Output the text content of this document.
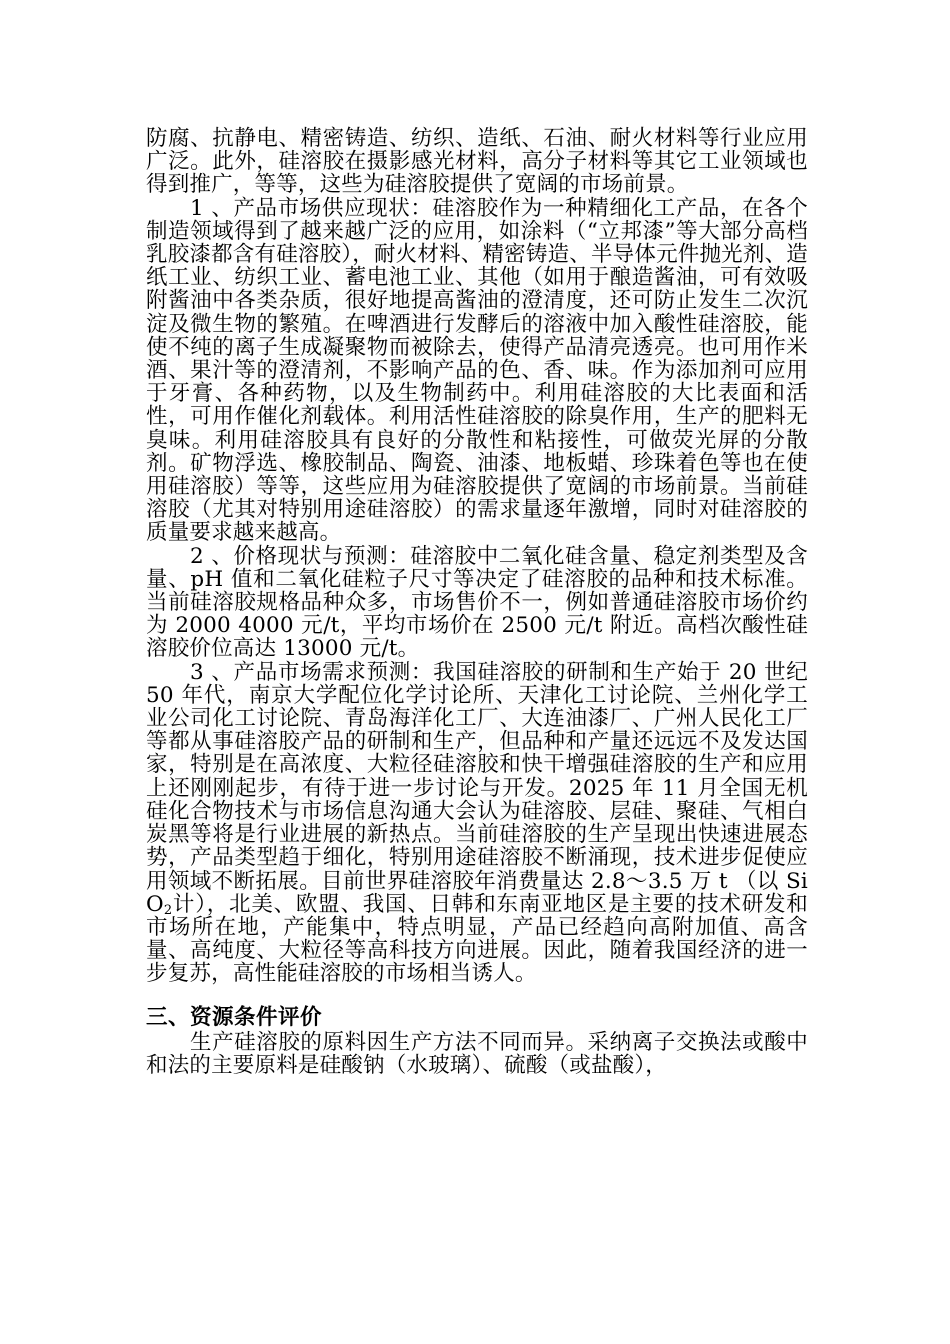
防腐、抗静电、精密铸造、纺织、造纸、石油、耐火材料等行业应用广泛。此外，硅溶胶在摄影感光材料，高分子材料等其它工业领域也得到推广，等等，这些为硅溶胶提供了宽阔的市场前景。

1 、产品市场供应现状：硅溶胶作为一种精细化工产品，在各个制造领域得到了越来越广泛的应用，如涂料（“立邦漆”等大部分高档乳胶漆都含有硅溶胶），耐火材料、精密铸造、半导体元件抛光剂、造纸工业、纺织工业、蓄电池工业、其他（如用于酿造酱油，可有效吸附酱油中各类杂质，很好地提高酱油的澄清度，还可防止发生二次沉淀及微生物的繁殖。在啤酒进行发酵后的溶液中加入酸性硅溶胶，能使不纯的离子生成凝聚物而被除去，使得产品清亮透亮。也可用作米酒、果汁等的澄清剂，不影响产品的色、香、味。作为添加剂可应用于牙膏、各种药物，以及生物制药中。利用硅溶胶的大比表面和活性，可用作催化剂载体。利用活性硅溶胶的除臭作用，生产的肥料无臭味。利用硅溶胶具有良好的分散性和粘接性，可做荧光屏的分散剂。矿物浮选、橡胶制品、陶瓷、油漆、地板蜡、珍珠着色等也在使用硅溶胶）等等，这些应用为硅溶胶提供了宽阔的市场前景。当前硅溶胶（尤其对特别用途硅溶胶）的需求量逐年激增，同时对硅溶胶的质量要求越来越高。

2 、价格现状与预测：硅溶胶中二氧化硅含量、稳定剂类型及含量、pH 值和二氧化硅粒子尺寸等决定了硅溶胶的品种和技术标准。当前硅溶胶规格品种众多，市场售价不一，例如普通硅溶胶市场价约为 2000 4000 元/t，平均市场价在 2500 元/t 附近。高档次酸性硅溶胶价位高达 13000 元/t。

3 、产品市场需求预测：我国硅溶胶的研制和生产始于 20 世纪 50 年代，南京大学配位化学讨论所、天津化工讨论院、兰州化学工业公司化工讨论院、青岛海洋化工厂、大连油漆厂、广州人民化工厂等都从事硅溶胶产品的研制和生产，但品种和产量还远远不及发达国家，特别是在高浓度、大粒径硅溶胶和快干增强硅溶胶的生产和应用上还刚刚起步，有待于进一步讨论与开发。2025 年 11 月全国无机硅化合物技术与市场信息沟通大会认为硅溶胶、层硅、聚硅、气相白炭黑等将是行业进展的新热点。当前硅溶胶的生产呈现出快速进展态势，产品类型趋于细化，特别用途硅溶胶不断涌现，技术进步促使应用领域不断拓展。目前世界硅溶胶年消费量达 2.8～3.5 万 t （以 SiO$_2$计），北美、欧盟、我国、日韩和东南亚地区是主要的技术研发和市场所在地，产能集中，特点明显，产品已经趋向高附加值、高含量、高纯度、大粒径等高科技方向进展。因此，随着我国经济的进一步复苏，高性能硅溶胶的市场相当诱人。

三、资源条件评价

生产硅溶胶的原料因生产方法不同而异。采纳离子交换法或酸中和法的主要原料是硅酸钠（水玻璃）、硫酸（或盐酸），
